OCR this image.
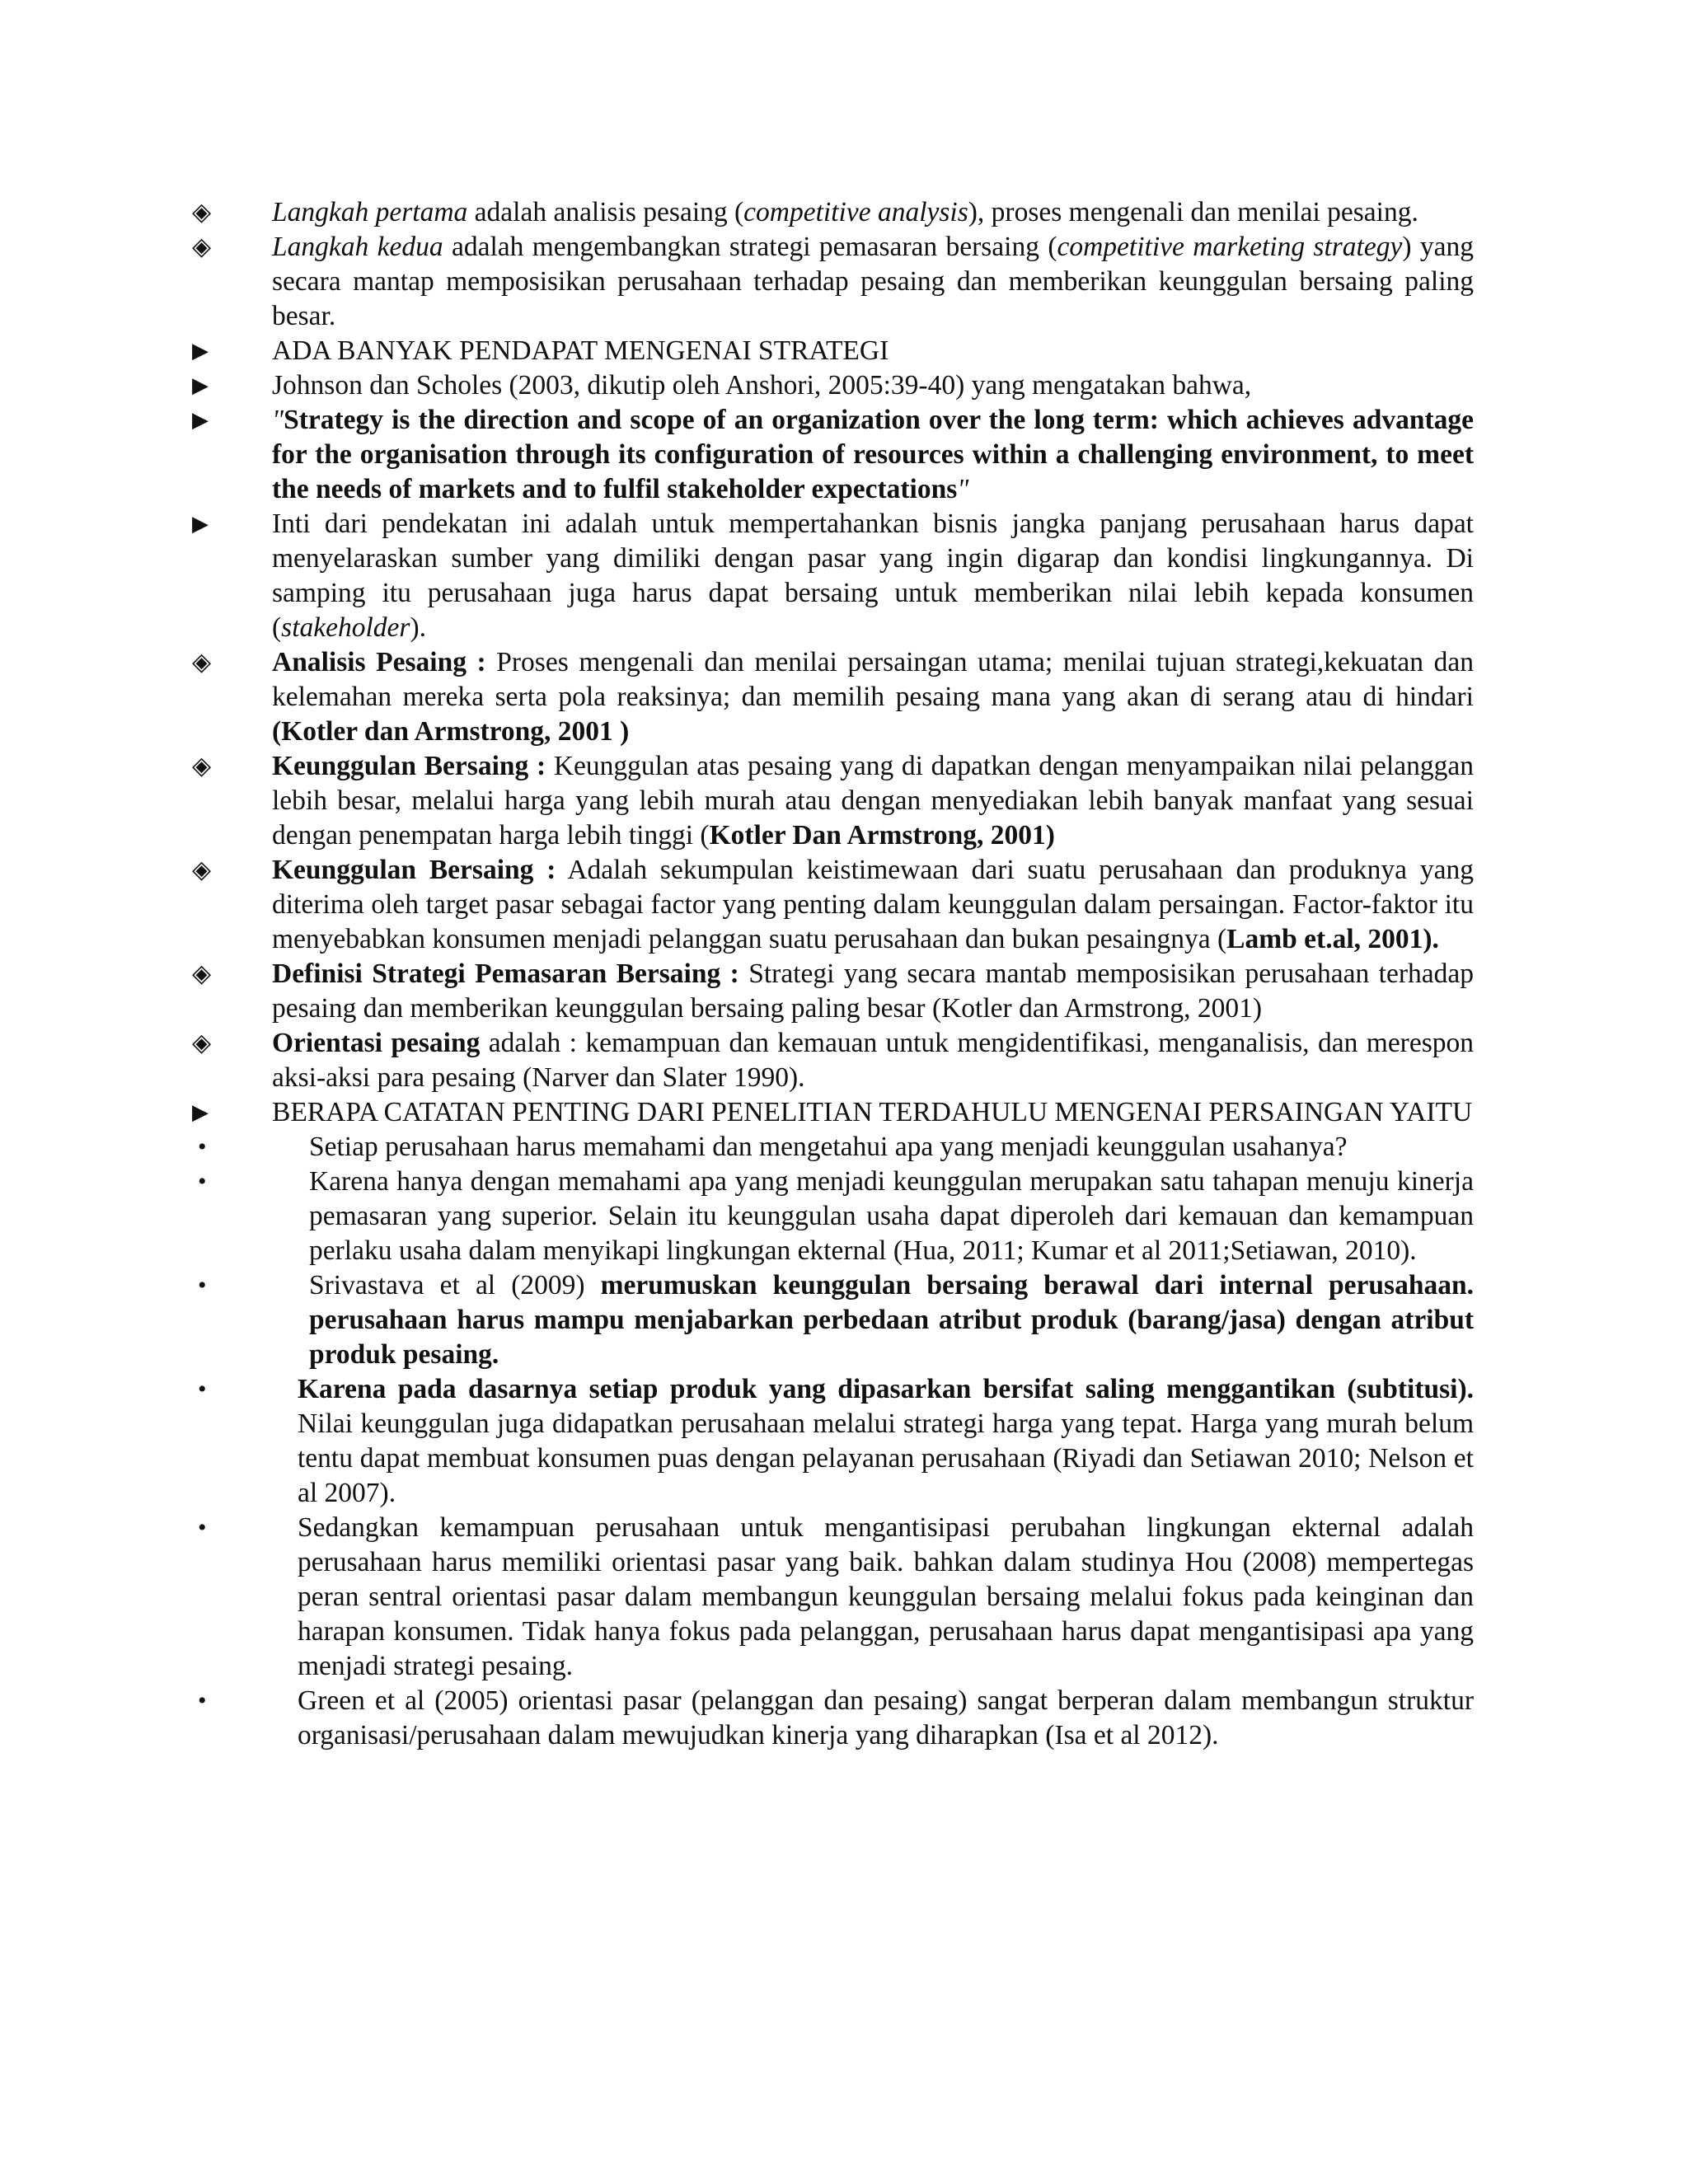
◈	Langkah pertama adalah analisis pesaing (competitive analysis), proses mengenali dan menilai pesaing.
◈	Langkah kedua adalah mengembangkan strategi pemasaran bersaing (competitive marketing strategy) yang secara mantap memposisikan perusahaan terhadap pesaing dan memberikan keunggulan bersaing paling besar.
▶	ADA BANYAK PENDAPAT MENGENAI STRATEGI
▶	Johnson dan Scholes (2003, dikutip oleh Anshori, 2005:39-40) yang mengatakan bahwa,
▶	"Strategy is the direction and scope of an organization over the long term: which achieves advantage for the organisation through its configuration of resources within a challenging environment, to meet the needs of markets and to fulfil stakeholder expectations"
▶	Inti dari pendekatan ini adalah untuk mempertahankan bisnis jangka panjang perusahaan harus dapat menyelaraskan sumber yang dimiliki dengan pasar yang ingin digarap dan kondisi lingkungannya. Di samping itu perusahaan juga harus dapat bersaing untuk memberikan nilai lebih kepada konsumen (stakeholder).
◈	Analisis Pesaing : Proses mengenali dan menilai persaingan utama; menilai tujuan strategi,kekuatan dan kelemahan mereka serta pola reaksinya; dan memilih pesaing mana yang akan di serang atau di hindari (Kotler dan Armstrong, 2001 )
◈	Keunggulan Bersaing : Keunggulan atas pesaing yang di dapatkan dengan menyampaikan nilai pelanggan lebih besar, melalui harga yang lebih murah atau dengan menyediakan lebih banyak manfaat yang sesuai dengan penempatan harga lebih tinggi (Kotler Dan Armstrong, 2001)
◈	Keunggulan Bersaing : Adalah sekumpulan keistimewaan dari suatu perusahaan dan produknya yang diterima oleh target pasar sebagai factor yang penting dalam keunggulan dalam persaingan. Factor-faktor itu menyebabkan konsumen menjadi pelanggan suatu perusahaan dan bukan pesaingnya (Lamb et.al, 2001).
◈	Definisi Strategi Pemasaran Bersaing : Strategi yang secara mantab memposisikan perusahaan terhadap pesaing dan memberikan keunggulan bersaing paling besar (Kotler dan Armstrong, 2001)
◈	Orientasi pesaing adalah : kemampuan dan kemauan untuk mengidentifikasi, menganalisis, dan merespon aksi-aksi para pesaing (Narver dan Slater 1990).
▶	BERAPA CATATAN PENTING DARI PENELITIAN TERDAHULU MENGENAI PERSAINGAN YAITU
•	Setiap perusahaan harus memahami dan mengetahui apa yang menjadi keunggulan usahanya?
•	Karena hanya dengan memahami apa yang menjadi keunggulan merupakan satu tahapan menuju kinerja pemasaran yang superior. Selain itu keunggulan usaha dapat diperoleh dari kemauan dan kemampuan perlaku usaha dalam menyikapi lingkungan ekternal (Hua, 2011; Kumar et al 2011;Setiawan, 2010).
•	Srivastava et al (2009) merumuskan keunggulan bersaing berawal dari internal perusahaan. perusahaan harus mampu menjabarkan perbedaan atribut produk (barang/jasa) dengan atribut produk pesaing.
•	Karena pada dasarnya setiap produk yang dipasarkan bersifat saling menggantikan (subtitusi). Nilai keunggulan juga didapatkan perusahaan melalui strategi harga yang tepat. Harga yang murah belum tentu dapat membuat konsumen puas dengan pelayanan perusahaan (Riyadi dan Setiawan 2010; Nelson et al 2007).
•	Sedangkan kemampuan perusahaan untuk mengantisipasi perubahan lingkungan ekternal adalah perusahaan harus memiliki orientasi pasar yang baik. bahkan dalam studinya Hou (2008) mempertegas peran sentral orientasi pasar dalam membangun keunggulan bersaing melalui fokus pada keinginan dan harapan konsumen. Tidak hanya fokus pada pelanggan, perusahaan harus dapat mengantisipasi apa yang menjadi strategi pesaing.
•	Green et al (2005) orientasi pasar (pelanggan dan pesaing) sangat berperan dalam membangun struktur organisasi/perusahaan dalam mewujudkan kinerja yang diharapkan (Isa et al 2012).
